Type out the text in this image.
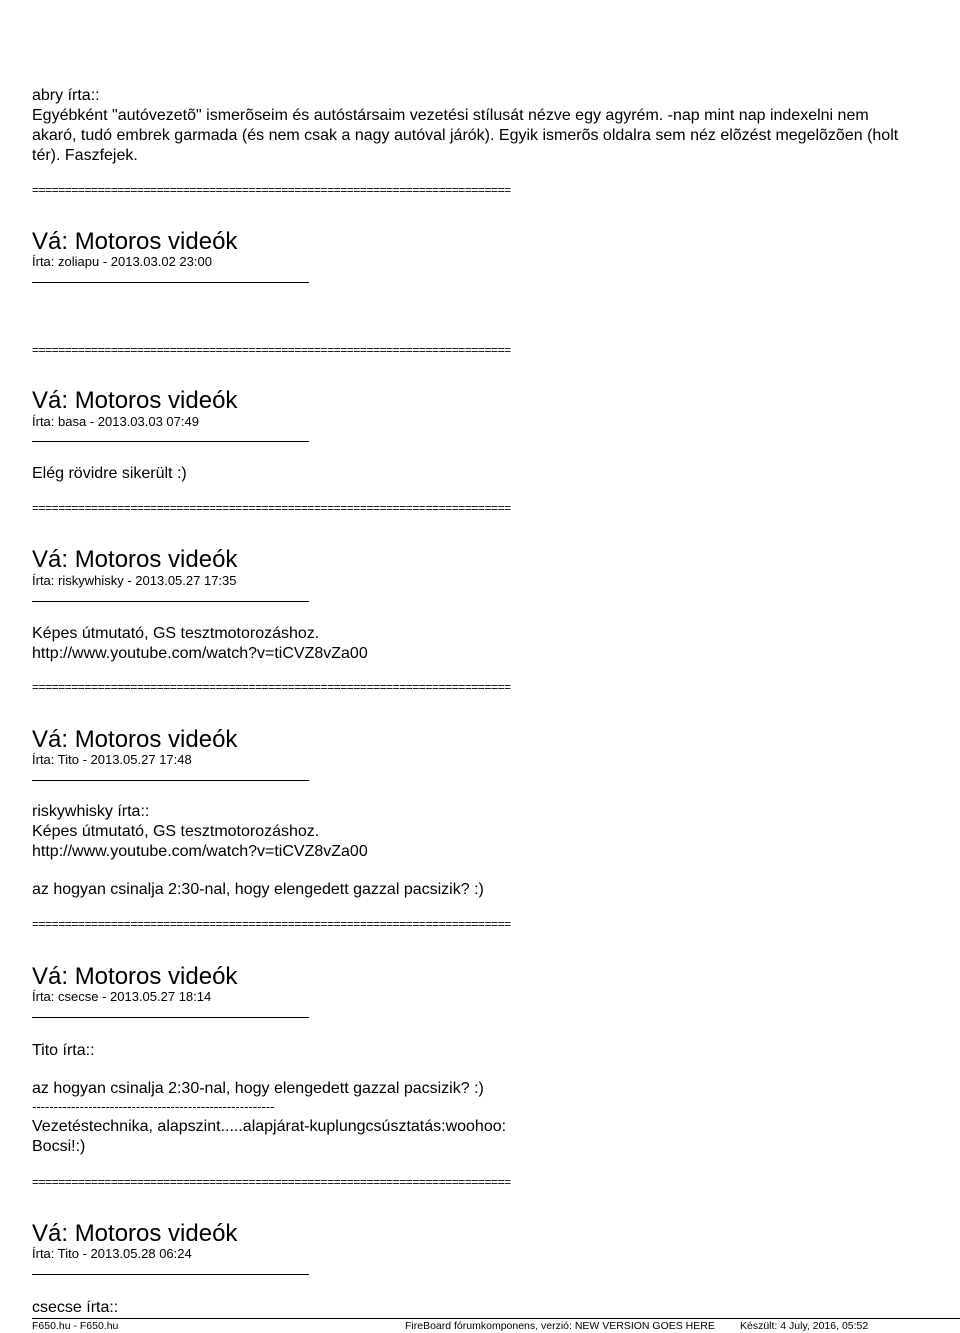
abry írta::
Egyébként "autóvezetõ" ismerõseim és autóstársaim vezetési stílusát nézve egy agyrém. -nap mint nap indexelni nem
akaró, tudó embrek garmada (és nem csak a nagy autóval járók). Egyik ismerõs oldalra sem néz elõzést megelõzõen (holt
tér). Faszfejek.
=========================================================================
Vá: Motoros videók
Írta: zoliapu - 2013.03.02 23:00
=========================================================================
Vá: Motoros videók
Írta: basa - 2013.03.03 07:49
Elég rövidre sikerült :)
=========================================================================
Vá: Motoros videók
Írta: riskywhisky - 2013.05.27 17:35
Képes útmutató, GS tesztmotorozáshoz.
http://www.youtube.com/watch?v=tiCVZ8vZa00
=========================================================================
Vá: Motoros videók
Írta: Tito - 2013.05.27 17:48
riskywhisky írta::
Képes útmutató, GS tesztmotorozáshoz.
http://www.youtube.com/watch?v=tiCVZ8vZa00
az hogyan csinalja 2:30-nal, hogy elengedett gazzal pacsizik? :)
=========================================================================
Vá: Motoros videók
Írta: csecse - 2013.05.27 18:14
Tito írta::
az hogyan csinalja 2:30-nal, hogy elengedett gazzal pacsizik? :)
--------------------------------------------------------
Vezetéstechnika, alapszint.....alapjárat-kuplungcsúsztatás:woohoo:
Bocsi!:)
=========================================================================
Vá: Motoros videók
Írta: Tito - 2013.05.28 06:24
csecse írta::
F650.hu - F650.hu	FireBoard fórumkomponens, verzió: NEW VERSION GOES HERE Készült: 4 July, 2016, 05:52
